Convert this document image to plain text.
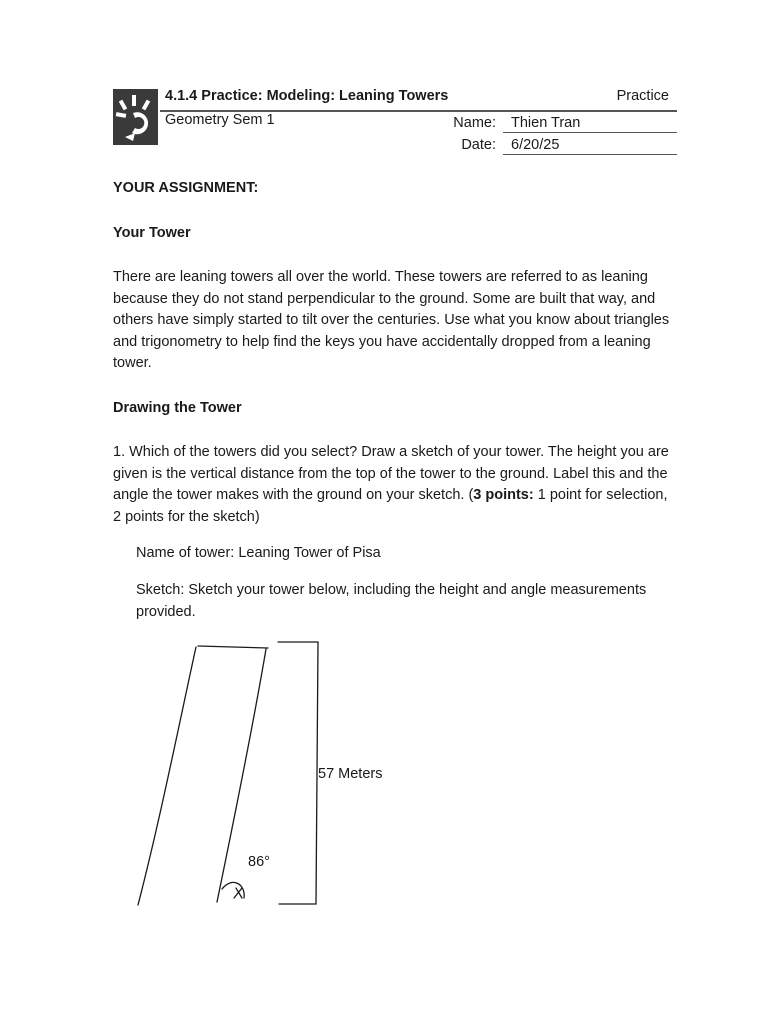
4.1.4 Practice: Modeling: Leaning Towers	Practice
Geometry Sem 1	Name: Thien Tran
Date: 6/20/25
YOUR ASSIGNMENT:
Your Tower
There are leaning towers all over the world. These towers are referred to as leaning because they do not stand perpendicular to the ground. Some are built that way, and others have simply started to tilt over the centuries. Use what you know about triangles and trigonometry to help find the keys you have accidentally dropped from a leaning tower.
Drawing the Tower
1. Which of the towers did you select? Draw a sketch of your tower. The height you are given is the vertical distance from the top of the tower to the ground. Label this and the angle the tower makes with the ground on your sketch. (3 points: 1 point for selection, 2 points for the sketch)
Name of tower: Leaning Tower of Pisa
Sketch: Sketch your tower below, including the height and angle measurements provided.
57 Meters
86°
